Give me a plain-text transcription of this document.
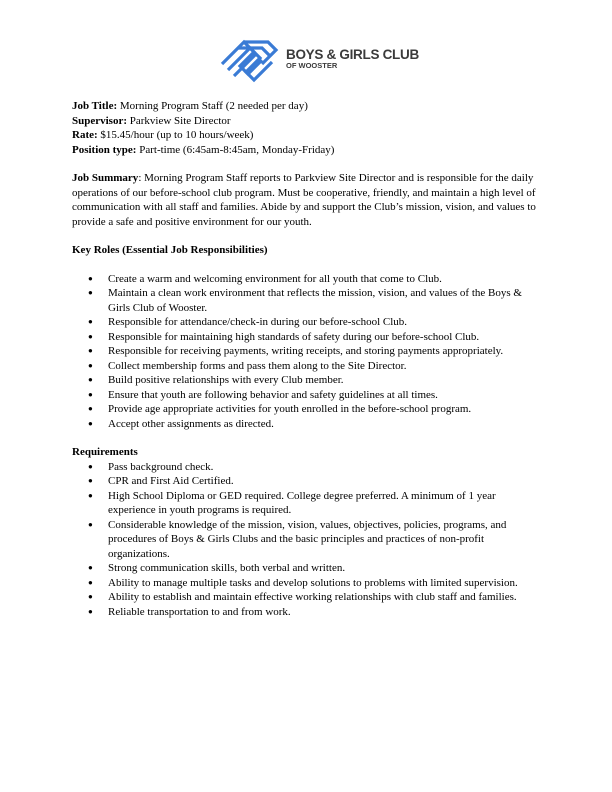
BOYS & GIRLS CLUB
OF WOOSTER

Job Title: Morning Program Staff (2 needed per day)

Supervisor: Parkview Site Director

Rate: $15.45/hour (up to 10 hours/week)

Position type: Part-time (6:45am-8:45am, Monday-Friday)

Job Summary: Morning Program Staff reports to Parkview Site Director and is responsible for the daily operations of our before-school club program. Must be cooperative, friendly, and maintain a high level of communication with all staff and families. Abide by and support the Club’s mission, vision, and values to provide a safe and positive environment for our youth.
Key Roles (Essential Job Responsibilities)
● Create a warm and welcoming environment for all youth that come to Club.
● Maintain a clean work environment that reflects the mission, vision, and values of the Boys & Girls Club of Wooster.
● Responsible for attendance/check-in during our before-school Club.
● Responsible for maintaining high standards of safety during our before-school Club.
● Responsible for receiving payments, writing receipts, and storing payments appropriately.
● Collect membership forms and pass them along to the Site Director.
● Build positive relationships with every Club member.
● Ensure that youth are following behavior and safety guidelines at all times.
● Provide age appropriate activities for youth enrolled in the before-school program.
● Accept other assignments as directed.
Requirements
● Pass background check.
● CPR and First Aid Certified.
● High School Diploma or GED required. College degree preferred. A minimum of 1 year experience in youth programs is required.
● Considerable knowledge of the mission, vision, values, objectives, policies, programs, and procedures of Boys & Girls Clubs and the basic principles and practices of non-profit organizations.
● Strong communication skills, both verbal and written.
● Ability to manage multiple tasks and develop solutions to problems with limited supervision.
● Ability to establish and maintain effective working relationships with club staff and families.
● Reliable transportation to and from work.
